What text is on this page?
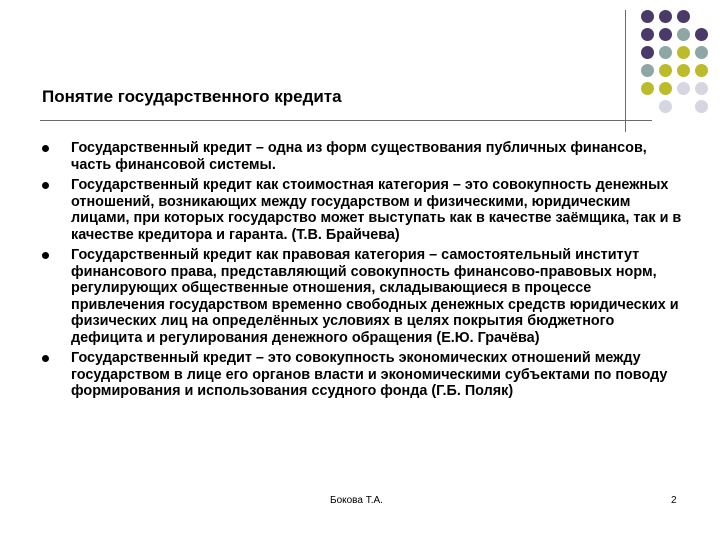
Понятие государственного кредита
Государственный кредит – одна из форм существования публичных финансов, часть финансовой системы.
Государственный кредит как стоимостная категория – это совокупность денежных отношений, возникающих между государством и физическими, юридическим лицами, при которых государство может выступать как в качестве заёмщика, так и в качестве кредитора и гаранта. (Т.В. Брайчева)
Государственный кредит как правовая категория – самостоятельный институт финансового права, представляющий совокупность финансово-правовых норм, регулирующих общественные отношения, складывающиеся в процессе привлечения государством временно свободных денежных средств юридических и физических лиц на определённых условиях в целях покрытия бюджетного дефицита и регулирования денежного обращения (Е.Ю. Грачёва)
Государственный кредит – это совокупность экономических отношений между государством в лице его органов власти и экономическими субъектами по поводу формирования и использования ссудного фонда (Г.Б. Поляк)
Бокова Т.А.	2
